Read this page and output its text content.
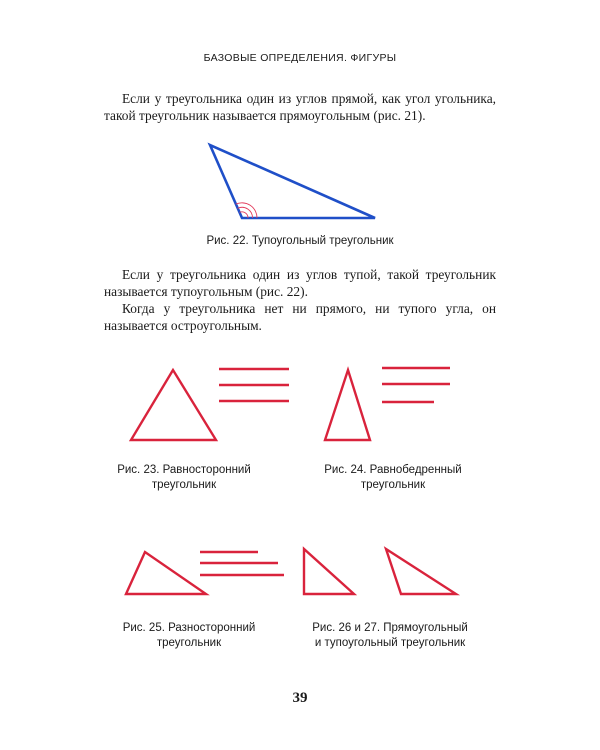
БАЗОВЫЕ ОПРЕДЕЛЕНИЯ. ФИГУРЫ

Если у треугольника один из углов прямой, как угол угольника, такой треугольник называется прямоугольным (рис. 21).

Рис. 22. Тупоугольный треугольник

Если у треугольника один из углов тупой, такой треугольник называется тупоугольным (рис. 22).

Когда у треугольника нет ни прямого, ни тупого угла, он называется остроугольным.

Рис. 23. Равносторонний
треугольник
Рис. 24. Равнобедренный
треугольник
Рис. 25. Разносторонний
треугольник
Рис. 26 и 27. Прямоугольный
и тупоугольный треугольник
39
